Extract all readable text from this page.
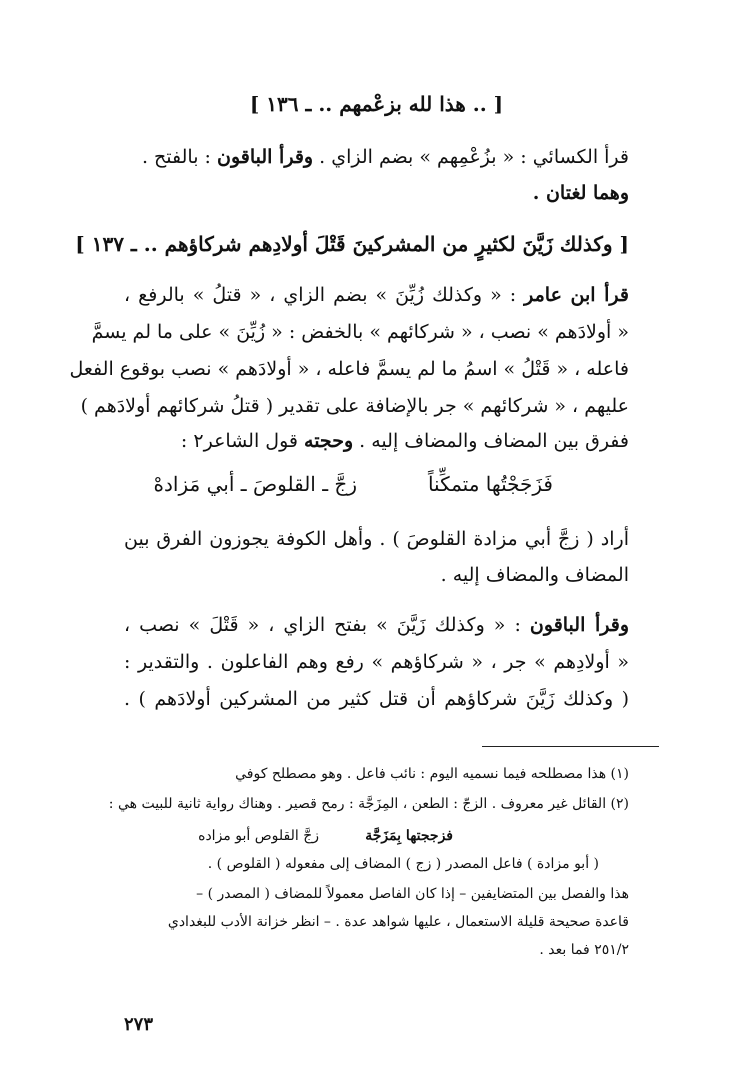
[ .. هذا لله بزعْمهم .. ـ ١٣٦ ]
قرأ الكسائي : « بزُعْمِهم » بضم الزاي . وقرأ الباقون : بالفتح .
وهما لغتان .
[ وكذلك زَيَّنَ لكثيرٍ من المشركينَ قَتْلَ أولادِهم شركاؤهم .. ـ ١٣٧ ]
قرأ ابن عامر : « وكذلك زُيِّنَ » بضم الزاي ، « قتلُ » بالرفع ،
« أولادَهم » نصب ، « شركائهم » بالخفض : « زُيِّنَ » على ما لم يسمَّ
فاعله ، « قَتْلُ » اسمُ ما لم يسمَّ فاعله ، « أولادَهم » نصب بوقوع الفعل
عليهم ، « شركائهم » جر بالإضافة على تقدير ( قتلُ شركائهم أولادَهم )
ففرق بين المضاف والمضاف إليه . وحجته قول الشاعر٢ :
فَزَجَجْتُها متمكِّناً
زجَّ ـ القلوصَ ـ أبي مَزادهْ
أراد ( زجَّ أبي مزادة القلوصَ ) . وأهل الكوفة يجوزون الفرق بين
المضاف والمضاف إليه .
وقرأ الباقون : « وكذلك زَيَّنَ » بفتح الزاي ، « قَتْلَ » نصب ،
« أولادِهم » جر ، « شركاؤهم » رفع وهم الفاعلون . والتقدير :
( وكذلك زَيَّنَ شركاؤهم أن قتل كثير من المشركين أولادَهم ) .
(١) هذا مصطلحه فيما نسميه اليوم : نائب فاعل . وهو مصطلح كوفي
(٢) القائل غير معروف . الزجّ : الطعن ، المِزَجَّة : رمح قصير . وهناك رواية ثانية للبيت هي :
فزججتها بِمَزَجَّة
زجَّ القلوص أبو مزاده
( أبو مزادة ) فاعل المصدر ( زج ) المضاف إلى مفعوله ( القلوص ) .
هذا والفصل بين المتضايفين – إذا كان الفاصل معمولاً للمضاف ( المصدر ) –
قاعدة صحيحة قليلة الاستعمال ، عليها شواهد عدة . – انظر خزانة الأدب للبغدادي
٢٥١/٢ فما بعد .
٢٧٣
